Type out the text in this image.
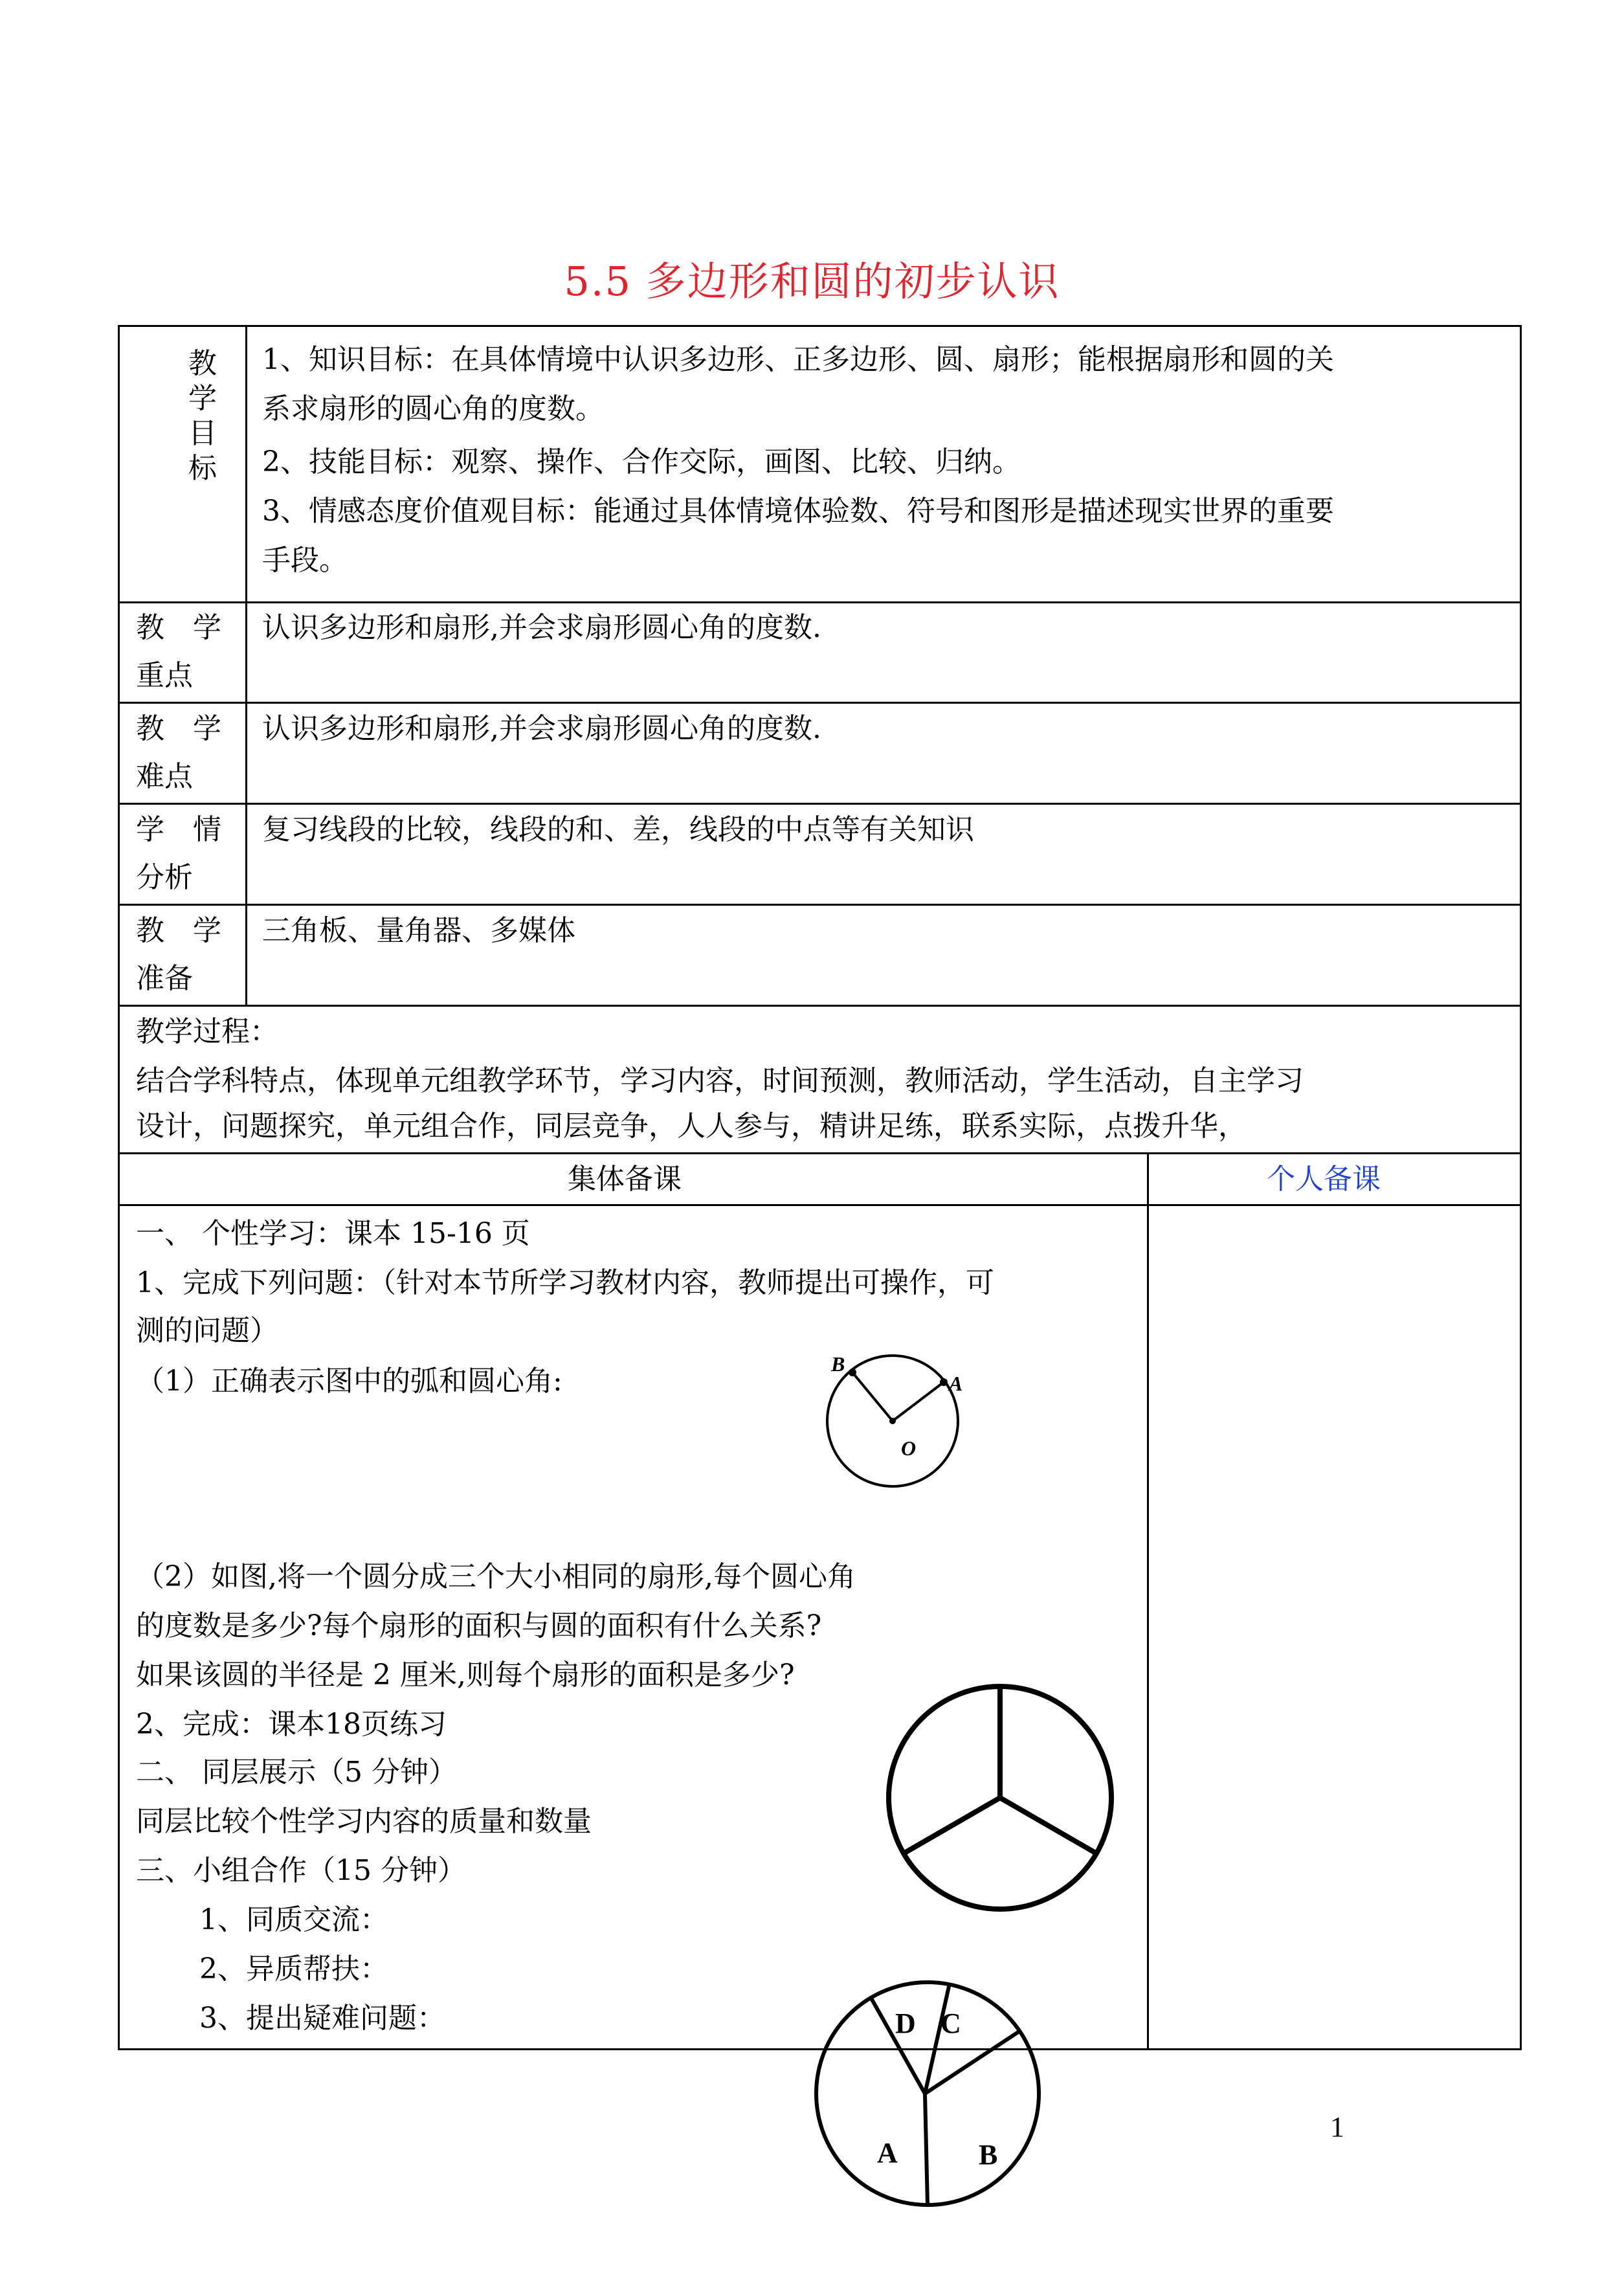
5.5 多边形和圆的初步认识
教
学
目
标
1、知识目标：在具体情境中认识多边形、正多边形、圆、扇形；能根据扇形和圆的关
系求扇形的圆心角的度数。
2、技能目标：观察、操作、合作交际，画图、比较、归纳。
3、情感态度价值观目标：能通过具体情境体验数、符号和图形是描述现实世界的重要
手段。
教　学
重点
认识多边形和扇形,并会求扇形圆心角的度数.
教　学
难点
认识多边形和扇形,并会求扇形圆心角的度数.
学　情
分析
复习线段的比较，线段的和、差，线段的中点等有关知识
教　学
准备
三角板、量角器、多媒体
教学过程：
结合学科特点，体现单元组教学环节，学习内容，时间预测，教师活动，学生活动，自主学习
设计，问题探究，单元组合作，同层竞争，人人参与，精讲足练，联系实际，点拨升华，
集体备课	个人备课
一、 个性学习：课本 15-16 页
1、完成下列问题：（针对本节所学习教材内容，教师提出可操作，可
测的问题）
（1）正确表示图中的弧和圆心角:
（2）如图,将一个圆分成三个大小相同的扇形,每个圆心角
的度数是多少?每个扇形的面积与圆的面积有什么关系?
如果该圆的半径是 2 厘米,则每个扇形的面积是多少?
2、完成：课本18页练习
二、 同层展示（5 分钟）
同层比较个性学习内容的质量和数量
三、小组合作（15 分钟）
1、同质交流：
2、异质帮扶：
3、提出疑难问题：
B
A
O
D C
A	B
1
